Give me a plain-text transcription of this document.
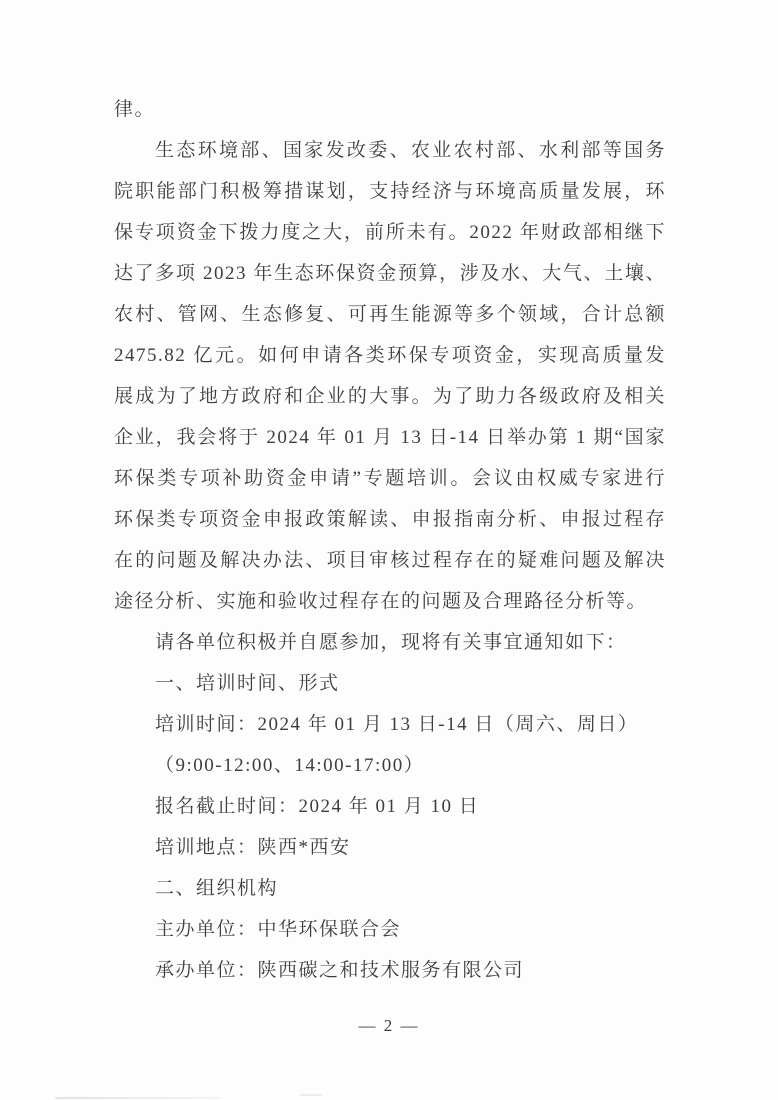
律。
生态环境部、国家发改委、农业农村部、水利部等国务
院职能部门积极筹措谋划，支持经济与环境高质量发展，环
保专项资金下拨力度之大，前所未有。2022 年财政部相继下
达了多项 2023 年生态环保资金预算，涉及水、大气、土壤、
农村、管网、生态修复、可再生能源等多个领域，合计总额
2475.82 亿元。如何申请各类环保专项资金，实现高质量发
展成为了地方政府和企业的大事。为了助力各级政府及相关
企业，我会将于 2024 年 01 月 13 日-14 日举办第 1 期“国家
环保类专项补助资金申请”专题培训。会议由权威专家进行
环保类专项资金申报政策解读、申报指南分析、申报过程存
在的问题及解决办法、项目审核过程存在的疑难问题及解决
途径分析、实施和验收过程存在的问题及合理路径分析等。
请各单位积极并自愿参加，现将有关事宜通知如下：
一、培训时间、形式
培训时间：2024 年 01 月 13 日-14 日（周六、周日）
（9:00-12:00、14:00-17:00）
报名截止时间：2024 年 01 月 10 日
培训地点：陕西*西安
二、组织机构
主办单位：中华环保联合会
承办单位：陕西碳之和技术服务有限公司
— 2 —
